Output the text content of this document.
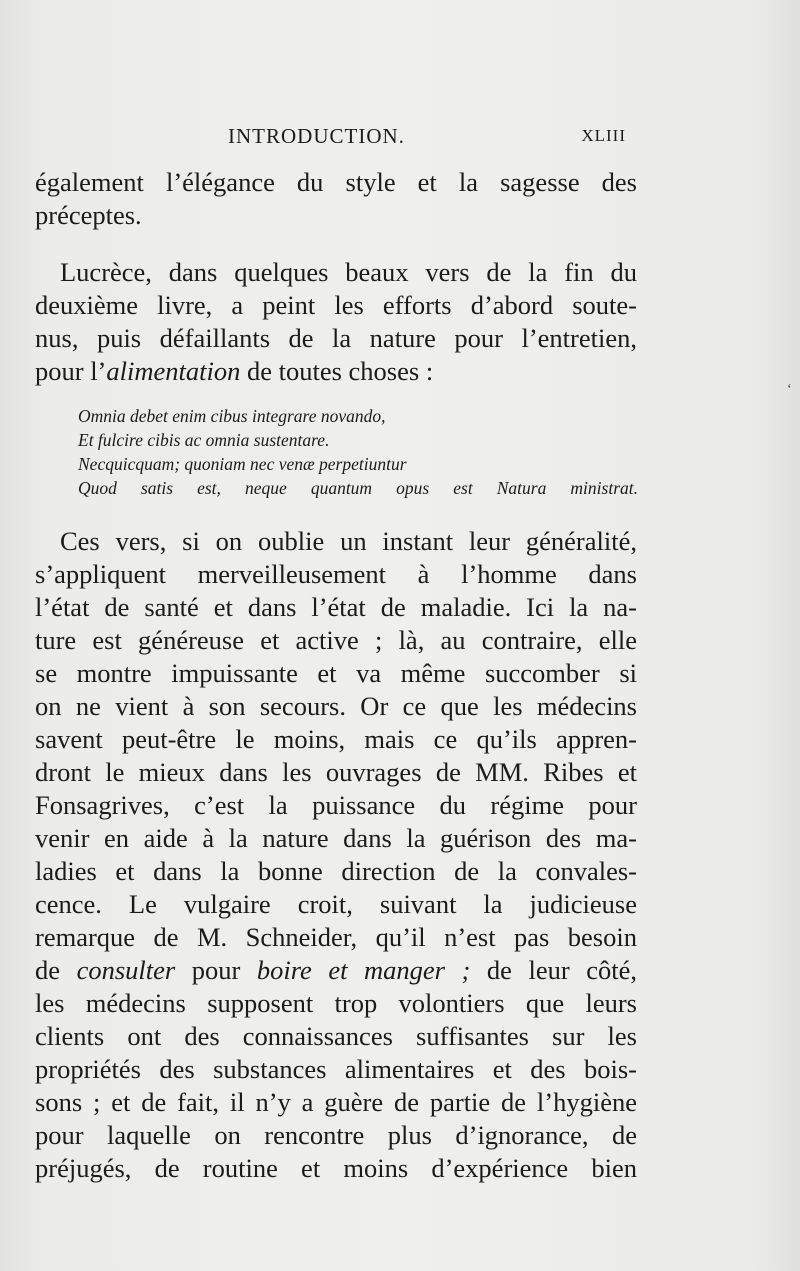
INTRODUCTION.	XLIII
également l’élégance du style et la sagesse des
préceptes.
Lucrèce, dans quelques beaux vers de la fin du
deuxième livre, a peint les efforts d’abord soute-
nus, puis défaillants de la nature pour l’entretien,
pour l’alimentation de toutes choses :
Omnia debet enim cibus integrare novando,
Et fulcire cibis ac omnia sustentare.
Necquicquam; quoniam nec venæ perpetiuntur
Quod satis est, neque quantum opus est Natura ministrat.
Ces vers, si on oublie un instant leur généralité,
s’appliquent merveilleusement à l’homme dans
l’état de santé et dans l’état de maladie. Ici la na-
ture est généreuse et active ; là, au contraire, elle
se montre impuissante et va même succomber si
on ne vient à son secours. Or ce que les médecins
savent peut-être le moins, mais ce qu’ils appren-
dront le mieux dans les ouvrages de MM. Ribes et
Fonsagrives, c’est la puissance du régime pour
venir en aide à la nature dans la guérison des ma-
ladies et dans la bonne direction de la convales-
cence. Le vulgaire croit, suivant la judicieuse
remarque de M. Schneider, qu’il n’est pas besoin
de consulter pour boire et manger ; de leur côté,
les médecins supposent trop volontiers que leurs
clients ont des connaissances suffisantes sur les
propriétés des substances alimentaires et des bois-
sons ; et de fait, il n’y a guère de partie de l’hygiène
pour laquelle on rencontre plus d’ignorance, de
préjugés, de routine et moins d’expérience bien
‘
